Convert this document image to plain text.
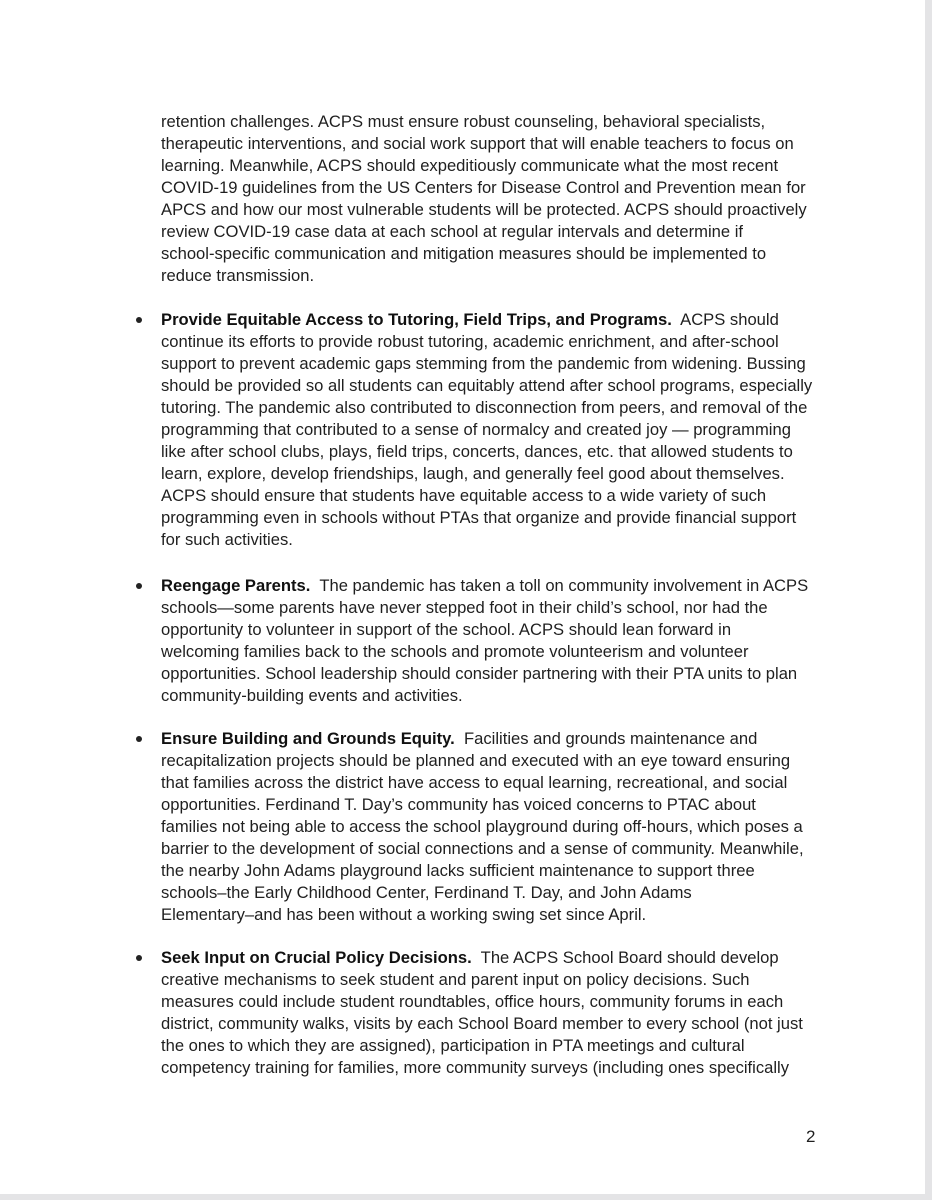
retention challenges. ACPS must ensure robust counseling, behavioral specialists,
therapeutic interventions, and social work support that will enable teachers to focus on
learning. Meanwhile, ACPS should expeditiously communicate what the most recent
COVID-19 guidelines from the US Centers for Disease Control and Prevention mean for
APCS and how our most vulnerable students will be protected. ACPS should proactively
review COVID-19 case data at each school at regular intervals and determine if
school-specific communication and mitigation measures should be implemented to
reduce transmission.
Provide Equitable Access to Tutoring, Field Trips, and Programs.  ACPS should
continue its efforts to provide robust tutoring, academic enrichment, and after-school
support to prevent academic gaps stemming from the pandemic from widening. Bussing
should be provided so all students can equitably attend after school programs, especially
tutoring. The pandemic also contributed to disconnection from peers, and removal of the
programming that contributed to a sense of normalcy and created joy — programming
like after school clubs, plays, field trips, concerts, dances, etc. that allowed students to
learn, explore, develop friendships, laugh, and generally feel good about themselves.
ACPS should ensure that students have equitable access to a wide variety of such
programming even in schools without PTAs that organize and provide financial support
for such activities.
Reengage Parents.  The pandemic has taken a toll on community involvement in ACPS
schools—some parents have never stepped foot in their child’s school, nor had the
opportunity to volunteer in support of the school. ACPS should lean forward in
welcoming families back to the schools and promote volunteerism and volunteer
opportunities. School leadership should consider partnering with their PTA units to plan
community-building events and activities.
Ensure Building and Grounds Equity.  Facilities and grounds maintenance and
recapitalization projects should be planned and executed with an eye toward ensuring
that families across the district have access to equal learning, recreational, and social
opportunities. Ferdinand T. Day’s community has voiced concerns to PTAC about
families not being able to access the school playground during off-hours, which poses a
barrier to the development of social connections and a sense of community. Meanwhile,
the nearby John Adams playground lacks sufficient maintenance to support three
schools–the Early Childhood Center, Ferdinand T. Day, and John Adams
Elementary–and has been without a working swing set since April.
Seek Input on Crucial Policy Decisions.  The ACPS School Board should develop
creative mechanisms to seek student and parent input on policy decisions. Such
measures could include student roundtables, office hours, community forums in each
district, community walks, visits by each School Board member to every school (not just
the ones to which they are assigned), participation in PTA meetings and cultural
competency training for families, more community surveys (including ones specifically
2
